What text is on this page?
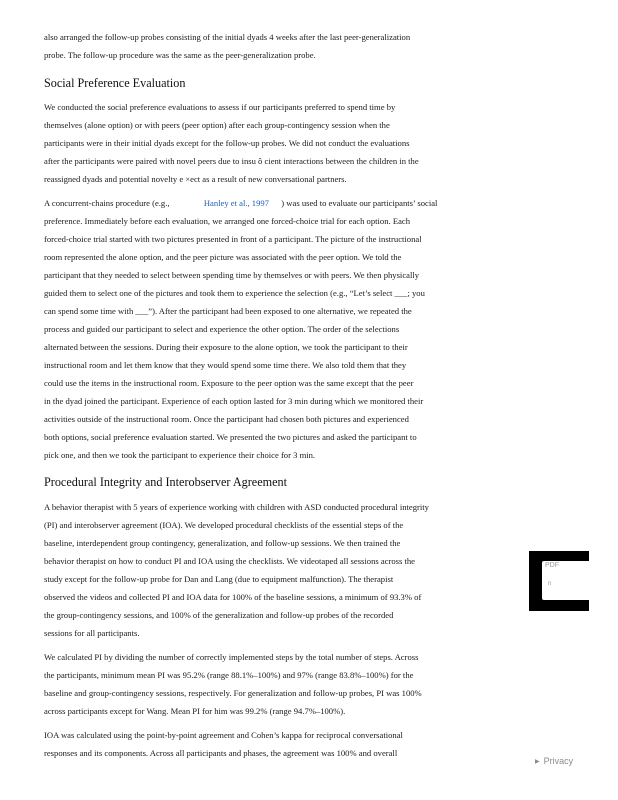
also arranged the follow-up probes consisting of the initial dyads 4 weeks after the last peer-generalization
probe. The follow-up procedure was the same as the peer-generalization probe.
Social Preference Evaluation
We conducted the social preference evaluations to assess if our participants preferred to spend time by
themselves (alone option) or with peers (peer option) after each group-contingency session when the
participants were in their initial dyads except for the follow-up probes. We did not conduct the evaluations
after the participants were paired with novel peers due to insu ô cient interactions between the children in the
reassigned dyads and potential novelty e ×ect as a result of new conversational partners.
A concurrent-chains procedure (e.g.,	Hanley et al., 1997 ) was used to evaluate our participants’ social
preference. Immediately before each evaluation, we arranged one forced-choice trial for each option. Each
forced-choice trial started with two pictures presented in front of a participant. The picture of the instructional
room represented the alone option, and the peer picture was associated with the peer option. We told the
participant that they needed to select between spending time by themselves or with peers. We then physically
guided them to select one of the pictures and took them to experience the selection (e.g., “Let’s select ___; you
can spend some time with ___”). After the participant had been exposed to one alternative, we repeated the
process and guided our participant to select and experience the other option. The order of the selections
alternated between the sessions. During their exposure to the alone option, we took the participant to their
instructional room and let them know that they would spend some time there. We also told them that they
could use the items in the instructional room. Exposure to the peer option was the same except that the peer
in the dyad joined the participant. Experience of each option lasted for 3 min during which we monitored their
activities outside of the instructional room. Once the participant had chosen both pictures and experienced
both options, social preference evaluation started. We presented the two pictures and asked the participant to
pick one, and then we took the participant to experience their choice for 3 min.
Procedural Integrity and Interobserver Agreement
A behavior therapist with 5 years of experience working with children with ASD conducted procedural integrity
(PI) and interobserver agreement (IOA). We developed procedural checklists of the essential steps of the
baseline, interdependent group contingency, generalization, and follow-up sessions. We then trained the
behavior therapist on how to conduct PI and IOA using the checklists. We videotaped all sessions across the
study except for the follow-up probe for Dan and Lang (due to equipment malfunction). The therapist
observed the videos and collected PI and IOA data for 100% of the baseline sessions, a minimum of 93.3% of
the group-contingency sessions, and 100% of the generalization and follow-up probes of the recorded
sessions for all participants.
We calculated PI by dividing the number of correctly implemented steps by the total number of steps. Across
the participants, minimum mean PI was 95.2% (range 88.1%–100%) and 97% (range 83.8%–100%) for the
baseline and group-contingency sessions, respectively. For generalization and follow-up probes, PI was 100%
across participants except for Wang. Mean PI for him was 99.2% (range 94.7%–100%).
IOA was calculated using the point-by-point agreement and Cohen’s kappa for reciprocal conversational
responses and its components. Across all participants and phases, the agreement was 100% and overall
PDF
n
▶ Privacy
